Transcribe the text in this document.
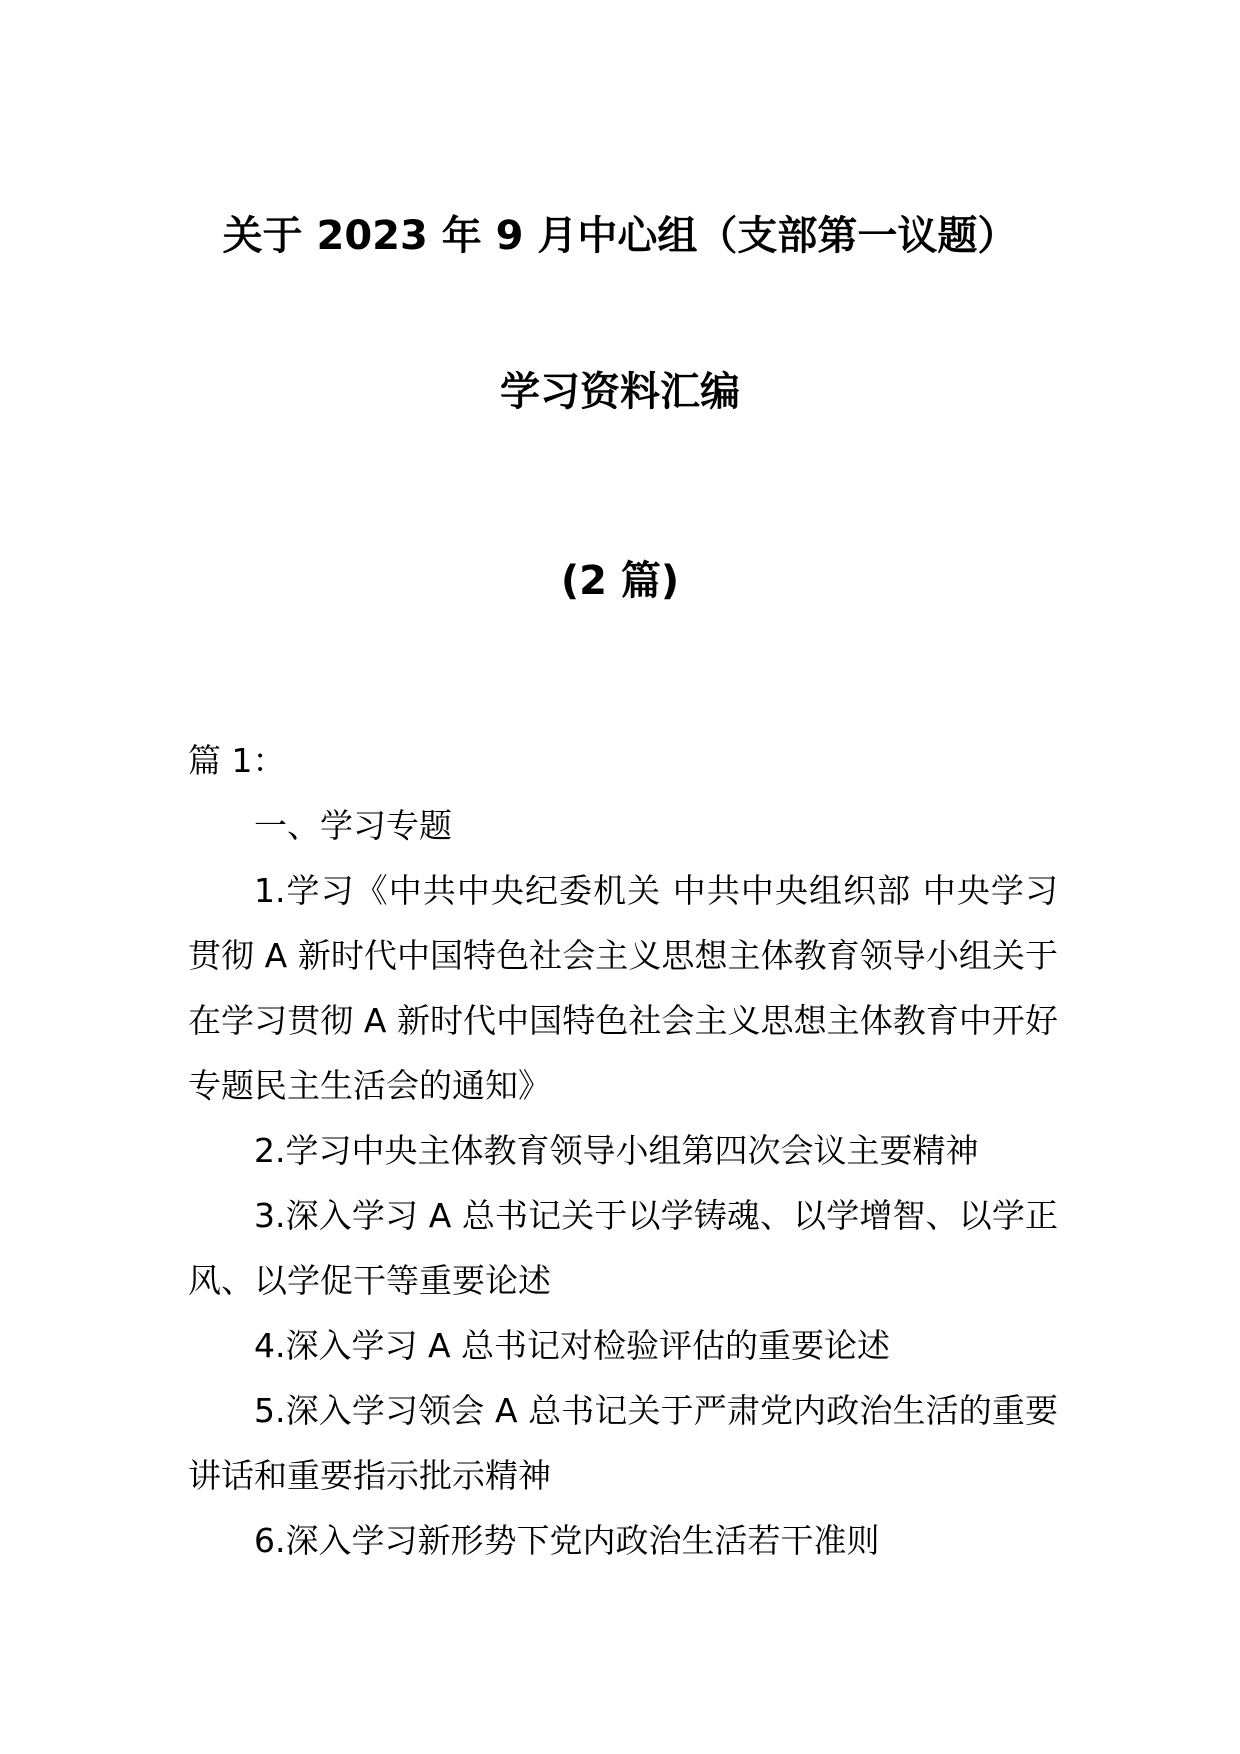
关于 2023 年 9 月中心组（支部第一议题）
学习资料汇编
(2 篇)
篇 1：

一、学习专题

1.学习《中共中央纪委机关 中共中央组织部 中央学习贯彻 A 新时代中国特色社会主义思想主体教育领导小组关于在学习贯彻 A 新时代中国特色社会主义思想主体教育中开好专题民主生活会的通知》

2.学习中央主体教育领导小组第四次会议主要精神

3.深入学习 A 总书记关于以学铸魂、以学增智、以学正风、以学促干等重要论述

4.深入学习 A 总书记对检验评估的重要论述

5.深入学习领会 A 总书记关于严肃党内政治生活的重要讲话和重要指示批示精神

6.深入学习新形势下党内政治生活若干准则
